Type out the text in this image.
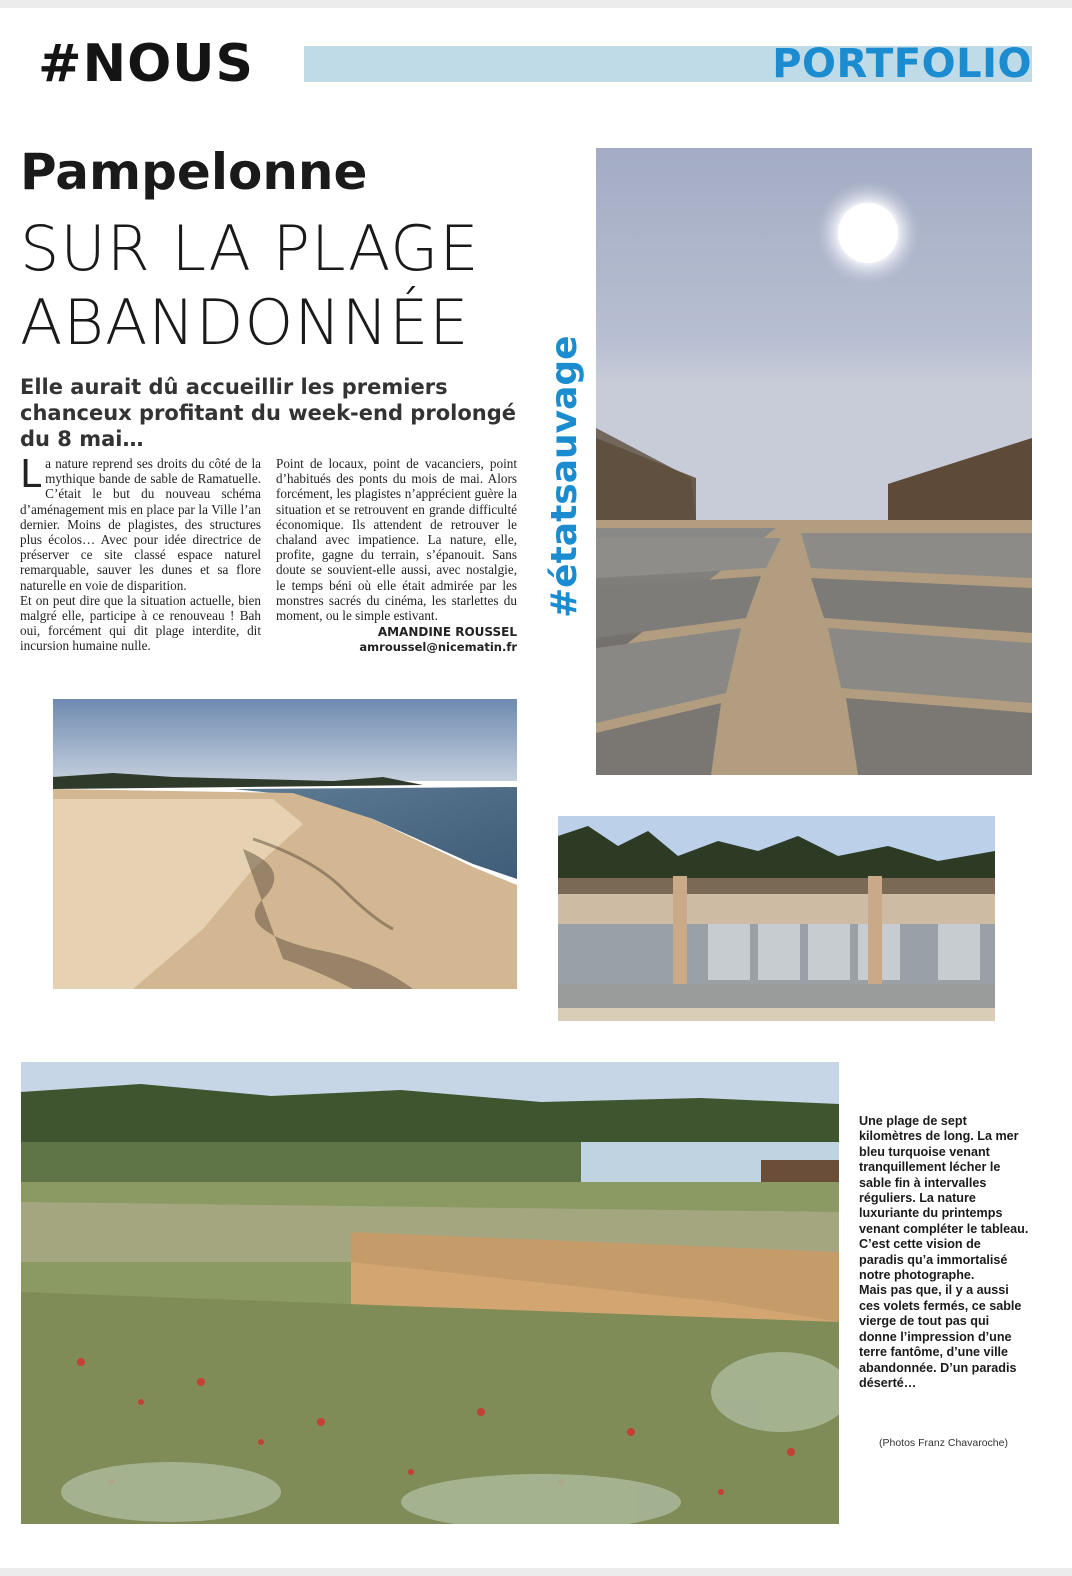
#NOUS	PORTFOLIO
Pampelonne
SUR LA PLAGE ABANDONNÉE
Elle aurait dû accueillir les premiers chanceux profitant du week-end prolongé du 8 mai…

La nature reprend ses droits du côté de la mythique bande de sable de Ramatuelle. C’était le but du nouveau schéma d’aménagement mis en place par la Ville l’an dernier. Moins de plagistes, des structures plus écolos… Avec pour idée directrice de préserver ce site classé espace naturel remarquable, sauver les dunes et sa flore naturelle en voie de disparition.

Et on peut dire que la situation actuelle, bien malgré elle, participe à ce renouveau ! Bah oui, forcément qui dit plage interdite, dit incursion humaine nulle.

Point de locaux, point de vacanciers, point d’habitués des ponts du mois de mai. Alors forcément, les plagistes n’apprécient guère la situation et se retrouvent en grande difficulté économique. Ils attendent de retrouver le chaland avec impatience. La nature, elle, profite, gagne du terrain, s’épanouit. Sans doute se souvient-elle aussi, avec nostalgie, le temps béni où elle était admirée par les monstres sacrés du cinéma, les starlettes du moment, ou le simple estivant.

AMANDINE ROUSSEL
amroussel@nicematin.fr
#étatsauvage

Une plage de sept kilomètres de long. La mer bleu turquoise venant tranquillement lécher le sable fin à intervalles réguliers. La nature luxuriante du printemps venant compléter le tableau. C’est cette vision de paradis qu’a immortalisé notre photographe.

Mais pas que, il y a aussi ces volets fermés, ce sable vierge de tout pas qui donne l’impression d’une terre fantôme, d’une ville abandonnée. D’un paradis déserté…

(Photos Franz Chavaroche)
